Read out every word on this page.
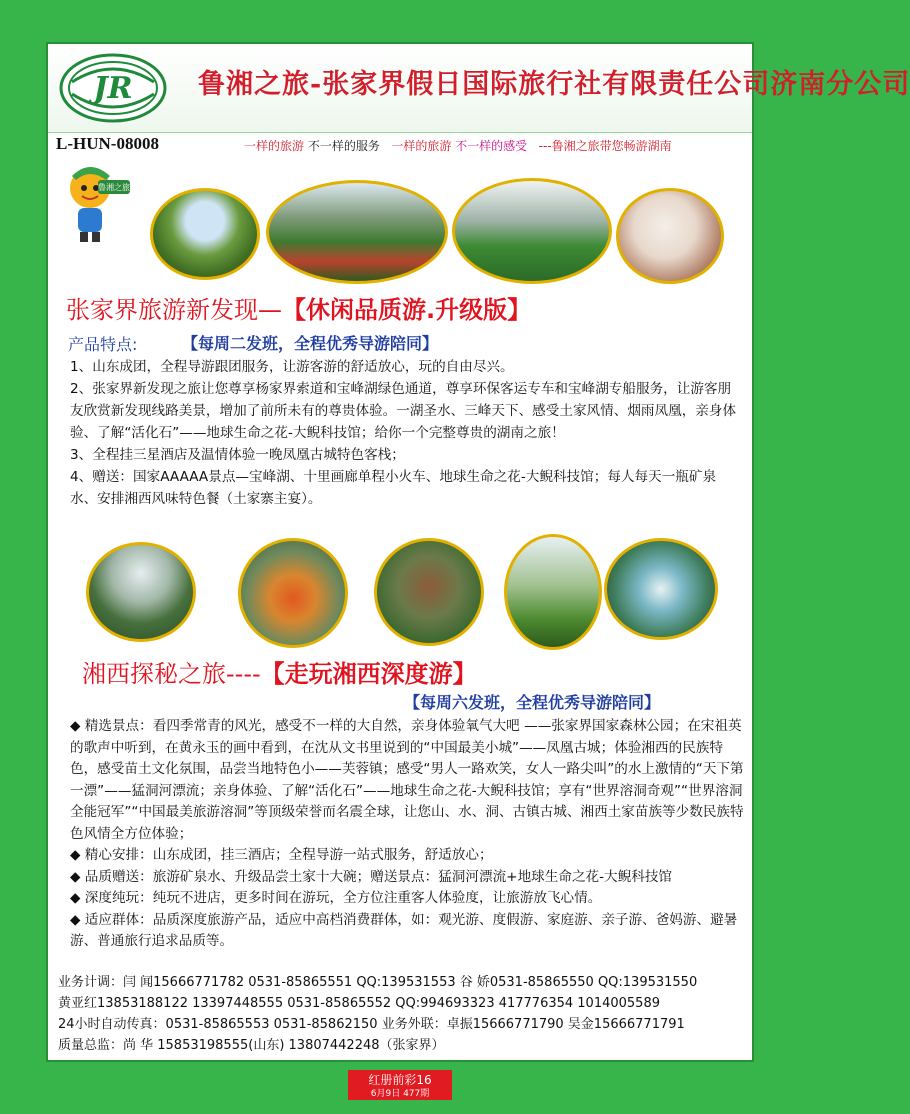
JR 鲁湘之旅-张家界假日国际旅行社有限责任公司济南分公司
L-HUN-08008	一样的旅游 不一样的服务 一样的旅游 不一样的感受 ---鲁湘之旅带您畅游湖南
鲁湘之旅
张家界旅游新发现—【休闲品质游.升级版】
产品特点:	【每周二发班，全程优秀导游陪同】

1、山东成团，全程导游跟团服务，让游客游的舒适放心，玩的自由尽兴。

2、张家界新发现之旅让您尊享杨家界索道和宝峰湖绿色通道，尊享环保客运专车和宝峰湖专船服务，让游客朋友欣赏新发现线路美景，增加了前所未有的尊贵体验。一湖圣水、三峰天下、感受土家风情、烟雨凤凰，亲身体验、了解“活化石”——地球生命之花-大鲵科技馆；给你一个完整尊贵的湖南之旅！

3、全程挂三星酒店及温情体验一晚凤凰古城特色客栈；

4、赠送：国家AAAAA景点—宝峰湖、十里画廊单程小火车、地球生命之花-大鲵科技馆；每人每天一瓶矿泉水、安排湘西风味特色餐（土家寨主宴）。

湘西探秘之旅----【走玩湘西深度游】
【每周六发班，全程优秀导游陪同】

◆ 精选景点：看四季常青的风光，感受不一样的大自然，亲身体验氧气大吧 ——张家界国家森林公园；在宋祖英的歌声中听到，在黄永玉的画中看到，在沈从文书里说到的“中国最美小城”——凤凰古城；体验湘西的民族特色，感受苗土文化氛围，品尝当地特色小——芙蓉镇；感受“男人一路欢笑，女人一路尖叫”的水上激情的“天下第一漂”——猛洞河漂流；亲身体验、了解“活化石”——地球生命之花-大鲵科技馆；享有“世界溶洞奇观”“世界溶洞全能冠军”“中国最美旅游溶洞”等顶级荣誉而名震全球，让您山、水、洞、古镇古城、湘西土家苗族等少数民族特色风情全方位体验；

◆ 精心安排：山东成团，挂三酒店；全程导游一站式服务，舒适放心；

◆ 品质赠送：旅游矿泉水、升级品尝土家十大碗；赠送景点：猛洞河漂流+地球生命之花-大鲵科技馆

◆ 深度纯玩：纯玩不进店，更多时间在游玩，全方位注重客人体验度，让旅游放飞心情。

◆ 适应群体：品质深度旅游产品，适应中高档消费群体，如：观光游、度假游、家庭游、亲子游、爸妈游、避暑游、普通旅行追求品质等。

业务计调：闫 闻15666771782 0531-85865551 QQ:139531553 谷 娇0531-85865550 QQ:139531550
黄亚红13853188122 13397448555 0531-85865552 QQ:994693323 417776354 1014005589
24小时自动传真：0531-85865553 0531-85862150 业务外联：卓振15666771790 吴金15666771791
质量总监：尚 华 15853198555(山东) 13807442248（张家界）
红册前彩16
6月9日 477期
